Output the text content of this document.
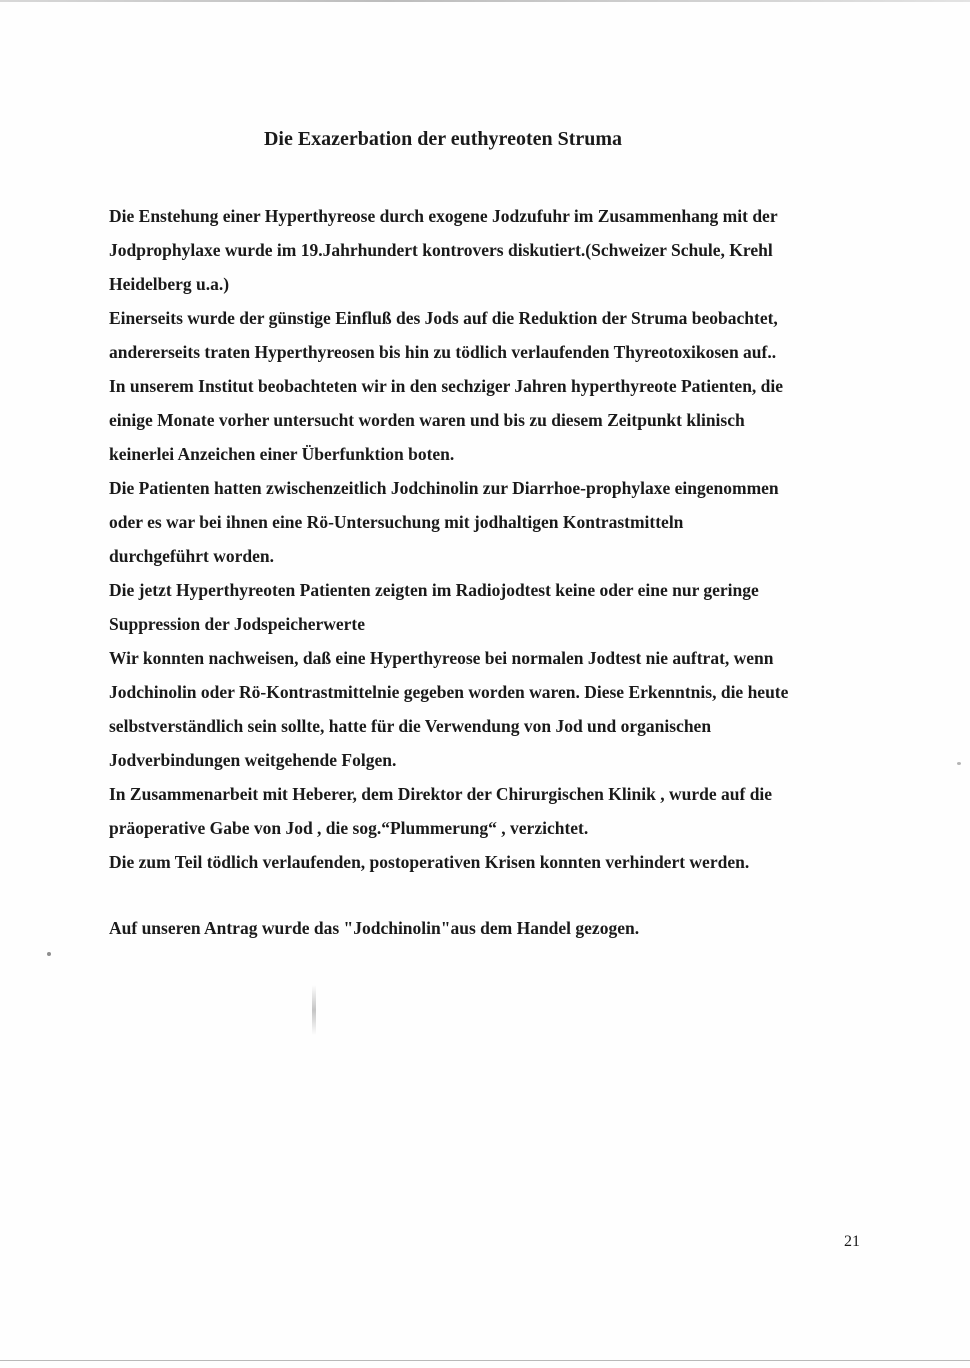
Die Exazerbation der euthyreoten Struma
Die Enstehung einer Hyperthyreose durch exogene Jodzufuhr im Zusammenhang mit der
Jodprophylaxe wurde im 19.Jahrhundert kontrovers diskutiert.(Schweizer Schule, Krehl
Heidelberg u.a.)
Einerseits wurde der günstige Einfluß des Jods auf die Reduktion der Struma beobachtet,
andererseits traten Hyperthyreosen bis hin zu tödlich verlaufenden Thyreotoxikosen auf..
In unserem Institut beobachteten wir in den sechziger Jahren hyperthyreote Patienten, die
einige Monate vorher untersucht worden waren und bis zu diesem Zeitpunkt klinisch
keinerlei Anzeichen einer Überfunktion boten.
Die Patienten hatten zwischenzeitlich Jodchinolin zur Diarrhoe-prophylaxe eingenommen
oder es war bei ihnen eine Rö-Untersuchung mit jodhaltigen Kontrastmitteln
durchgeführt worden.
Die jetzt Hyperthyreoten Patienten zeigten im Radiojodtest keine oder eine nur geringe
Suppression der Jodspeicherwerte
Wir konnten nachweisen, daß eine Hyperthyreose bei normalen Jodtest nie auftrat, wenn
Jodchinolin oder Rö-Kontrastmittelnie gegeben worden waren. Diese Erkenntnis, die heute
selbstverständlich sein sollte, hatte für die Verwendung von Jod und organischen
Jodverbindungen weitgehende Folgen.
In Zusammenarbeit mit Heberer, dem Direktor der Chirurgischen Klinik , wurde auf die
präoperative Gabe von Jod , die sog.“Plummerung“ , verzichtet.
Die zum Teil tödlich verlaufenden, postoperativen Krisen konnten verhindert werden.
Auf unseren Antrag wurde das "Jodchinolin"aus dem Handel gezogen.
21
